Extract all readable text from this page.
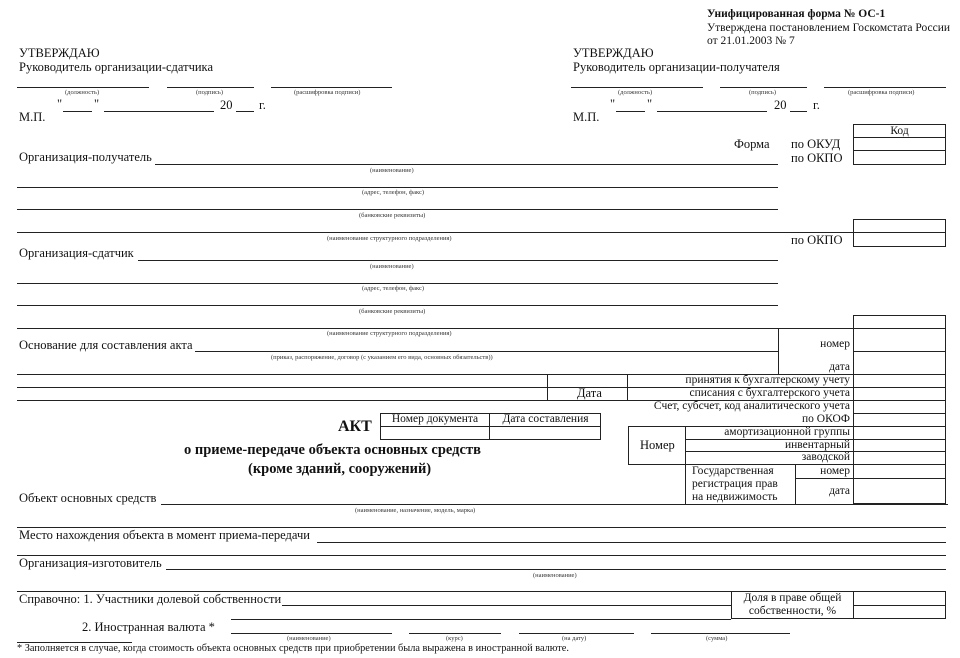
Унифицированная форма № ОС-1
Утверждена постановлением Госкомстата России
от 21.01.2003 № 7
УТВЕРЖДАЮ
Руководитель организации-сдатчика
(должность)	(подпись)	(расшифровка подписи)
"	"	20 г.
М.П.
УТВЕРЖДАЮ
Руководитель организации-получателя
(должность)	(подпись)	(расшифровка подписи)
"	"	20 г.
М.П.
Код
Форма по ОКУД
по ОКПО
Организация-получатель
(наименование)
(адрес, телефон, факс)
(банковские реквизиты)
(наименование структурного подразделения)	по ОКПО
Организация-сдатчик
(наименование)
(адрес, телефон, факс)
(банковские реквизиты)
(наименование структурного подразделения)
Основание для составления акта
(приказ, распоряжение, договор (с указанием его вида, основных обязательств))
номер
дата
Дата
принятия к бухгалтерскому учету
списания с бухгалтерского учета
Счет, субсчет, код аналитического учета
по ОКОФ
Номер
амортизационной группы
инвентарный
заводской
Государственная
регистрация прав
на недвижимость
номер
дата
АКТ	Номер документа	Дата составления
о приеме-передаче объекта основных средств
(кроме зданий, сооружений)
Объект основных средств
(наименование, назначение, модель, марка)
Место нахождения объекта в момент приема-передачи
Организация-изготовитель
(наименование)
Справочно: 1. Участники долевой собственности	Доля в праве общей
собственности, %
2. Иностранная валюта *
(наименование)	(курс)	(на дату)	(сумма)
* Заполняется в случае, когда стоимость объекта основных средств при приобретении была выражена в иностранной валюте.
